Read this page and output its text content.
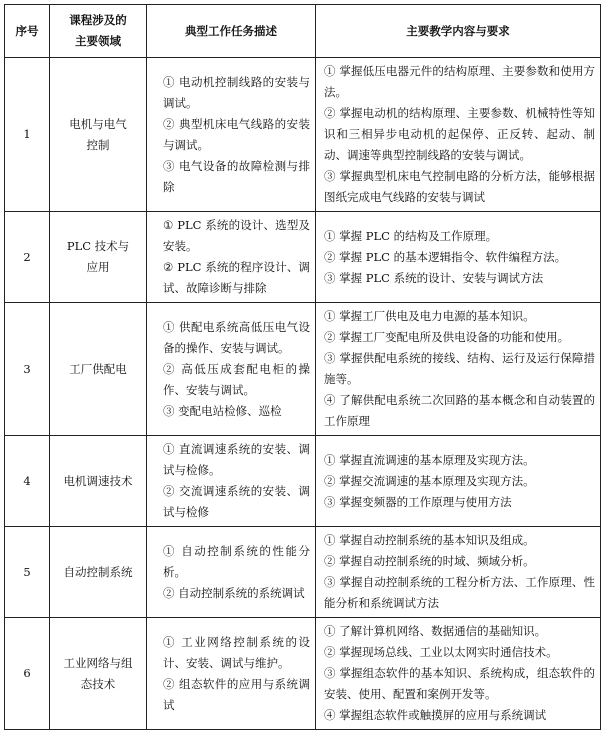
序号	课程涉及的
主要领域	典型工作任务描述	主要教学内容与要求
1	电机与电气
控制	① 电动机控制线路的安装与调试。
② 典型机床电气线路的安装与调试。
③ 电气设备的故障检测与排除	① 掌握低压电器元件的结构原理、主要参数和使用方法。
② 掌握电动机的结构原理、主要参数、机械特性等知识和三相异步电动机的起保停、正反转、起动、制动、调速等典型控制线路的安装与调试。
③ 掌握典型机床电气控制电路的分析方法，能够根据图纸完成电气线路的安装与调试

2	PLC 技术与
应用	① PLC 系统的设计、选型及安装。
② PLC 系统的程序设计、调试、故障诊断与排除	① 掌握 PLC 的结构及工作原理。
② 掌握 PLC 的基本逻辑指令、软件编程方法。
③ 掌握 PLC 系统的设计、安装与调试方法

3	工厂供配电	① 供配电系统高低压电气设备的操作、安装与调试。
② 高低压成套配电柜的操作、安装与调试。
③ 变配电站检修、巡检	① 掌握工厂供电及电力电源的基本知识。
② 掌握工厂变配电所及供电设备的功能和使用。
③ 掌握供配电系统的接线、结构、运行及运行保障措施等。
④ 了解供配电系统二次回路的基本概念和自动装置的工作原理

4	电机调速技术	① 直流调速系统的安装、调试与检修。
② 交流调速系统的安装、调试与检修	① 掌握直流调速的基本原理及实现方法。
② 掌握交流调速的基本原理及实现方法。
③ 掌握变频器的工作原理与使用方法

5	自动控制系统	① 自动控制系统的性能分析。
② 自动控制系统的系统调试	① 掌握自动控制系统的基本知识及组成。
② 掌握自动控制系统的时域、频域分析。
③ 掌握自动控制系统的工程分析方法、工作原理、性能分析和系统调试方法

6	工业网络与组
态技术	① 工业网络控制系统的设计、安装、调试与维护。
② 组态软件的应用与系统调试	① 了解计算机网络、数据通信的基础知识。
② 掌握现场总线、工业以太网实时通信技术。
③ 掌握组态软件的基本知识、系统构成，组态软件的安装、使用、配置和案例开发等。
④ 掌握组态软件或触摸屏的应用与系统调试
